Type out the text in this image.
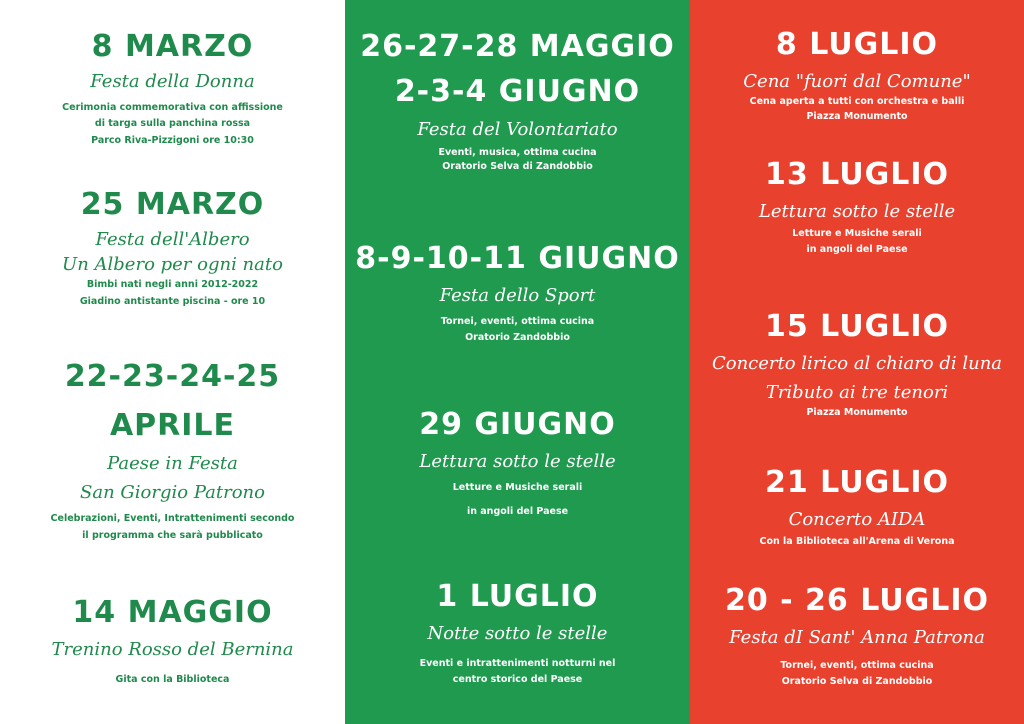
8 MARZO
Festa della Donna
Cerimonia commemorativa con affissione
di targa sulla panchina rossa
Parco Riva-Pizzigoni ore 10:30
25 MARZO
Festa dell'Albero
Un Albero per ogni nato
Bimbi nati negli anni 2012-2022
Giadino antistante piscina - ore 10
22-23-24-25
APRILE
Paese in Festa
San Giorgio Patrono
Celebrazioni, Eventi, Intrattenimenti secondo
il programma che sarà pubblicato
14 MAGGIO
Trenino Rosso del Bernina
Gita con la Biblioteca
26-27-28 MAGGIO
2-3-4 GIUGNO
Festa del Volontariato
Eventi, musica, ottima cucina
Oratorio Selva di Zandobbio
8-9-10-11 GIUGNO
Festa dello Sport
Tornei, eventi, ottima cucina
Oratorio Zandobbio
29 GIUGNO
Lettura sotto le stelle
Letture e Musiche serali
in angoli del Paese
1 LUGLIO
Notte sotto le stelle
Eventi e intrattenimenti notturni nel
centro storico del Paese
8 LUGLIO
Cena "fuori dal Comune"
Cena aperta a tutti con orchestra e balli
Piazza Monumento
13 LUGLIO
Lettura sotto le stelle
Letture e Musiche serali
in angoli del Paese
15 LUGLIO
Concerto lirico al chiaro di luna
Tributo ai tre tenori
Piazza Monumento
21 LUGLIO
Concerto AIDA
Con la Biblioteca all'Arena di Verona
20 - 26 LUGLIO
Festa dI Sant' Anna Patrona
Tornei, eventi, ottima cucina
Oratorio Selva di Zandobbio
